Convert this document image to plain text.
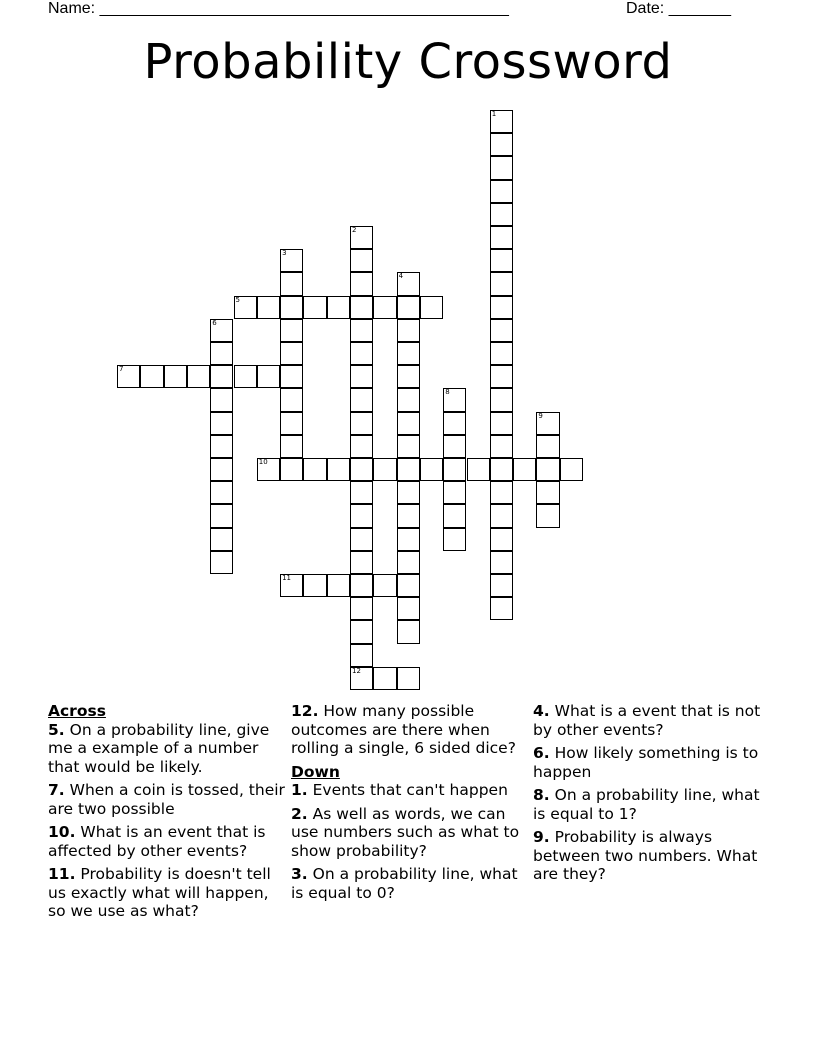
Name: ______________________________________________	Date: _______
Probability Crossword
1
2
12
3
4
5
6
7
8
9
10
11

Across

5. On a probability line, give me a example of a number that would be likely.

7. When a coin is tossed, their are two possible

10. What is an event that is affected by other events?

11. Probability is doesn't tell us exactly what will happen, so we use as what?

12. How many possible outcomes are there when rolling a single, 6 sided dice?

Down

1. Events that can't happen

2. As well as words, we can use numbers such as what to show probability?

3. On a probability line, what is equal to 0?

4. What is a event that is not by other events?

6. How likely something is to happen

8. On a probability line, what is equal to 1?

9. Probability is always between two numbers. What are they?
